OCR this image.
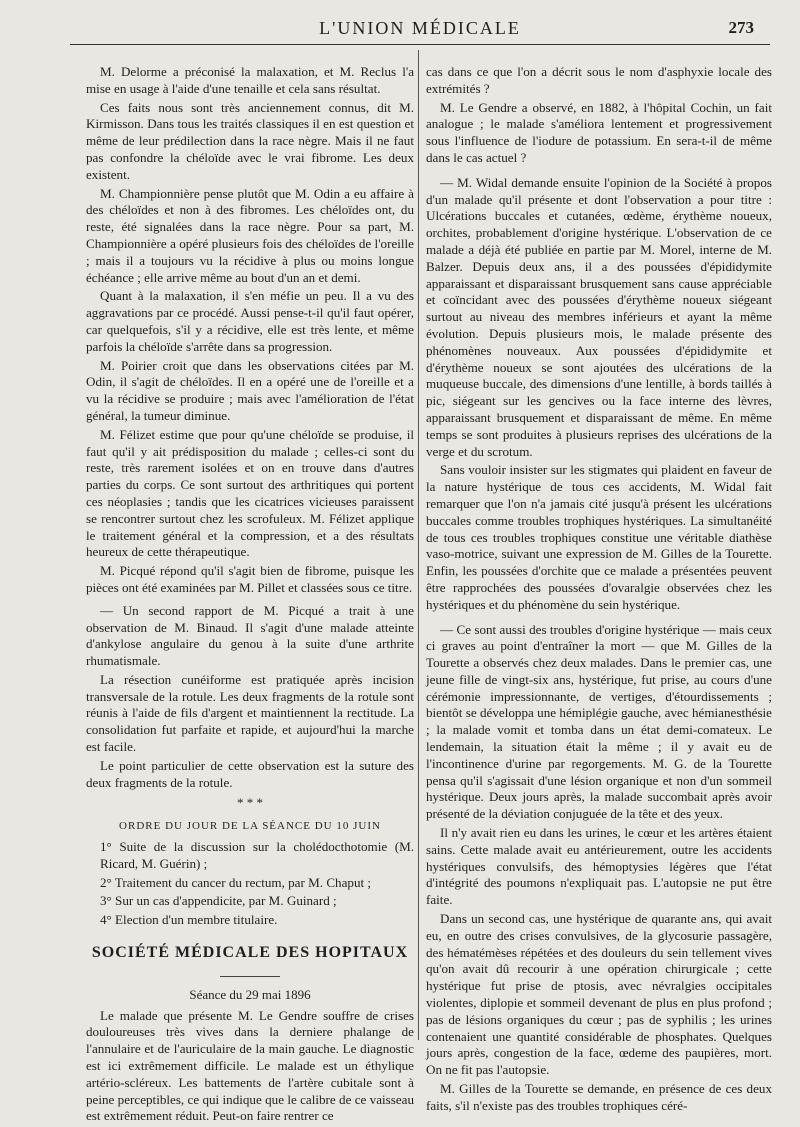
L'UNION MÉDICALE	273

M. Delorme a préconisé la malaxation, et M. Reclus l'a mise en usage à l'aide d'une tenaille et cela sans résultat.

Ces faits nous sont très anciennement connus, dit M. Kirmisson. Dans tous les traités classiques il en est question et même de leur prédilection dans la race nègre. Mais il ne faut pas confondre la chéloïde avec le vrai fibrome. Les deux existent.

M. Championnière pense plutôt que M. Odin a eu affaire à des chéloïdes et non à des fibromes. Les chéloïdes ont, du reste, été signalées dans la race nègre. Pour sa part, M. Championnière a opéré plusieurs fois des chéloïdes de l'oreille ; mais il a toujours vu la récidive à plus ou moins longue échéance ; elle arrive même au bout d'un an et demi.

Quant à la malaxation, il s'en méfie un peu. Il a vu des aggravations par ce procédé. Aussi pense-t-il qu'il faut opérer, car quelquefois, s'il y a récidive, elle est très lente, et même parfois la chéloïde s'arrête dans sa progression.

M. Poirier croit que dans les observations citées par M. Odin, il s'agit de chéloïdes. Il en a opéré une de l'oreille et a vu la récidive se produire ; mais avec l'amélioration de l'état général, la tumeur diminue.

M. Félizet estime que pour qu'une chéloïde se produise, il faut qu'il y ait prédisposition du malade ; celles-ci sont du reste, très rarement isolées et on en trouve dans d'autres parties du corps. Ce sont surtout des arthritiques qui portent ces néoplasies ; tandis que les cicatrices vicieuses paraissent se rencontrer surtout chez les scrofuleux. M. Félizet applique le traitement général et la compression, et a des résultats heureux de cette thérapeutique.

M. Picqué répond qu'il s'agit bien de fibrome, puisque les pièces ont été examinées par M. Pillet et classées sous ce titre.

— Un second rapport de M. Picqué a trait à une observation de M. Binaud. Il s'agit d'une malade atteinte d'ankylose angulaire du genou à la suite d'une arthrite rhumatismale.

La résection cunéiforme est pratiquée après incision transversale de la rotule. Les deux fragments de la rotule sont réunis à l'aide de fils d'argent et maintiennent la rectitude. La consolidation fut parfaite et rapide, et aujourd'hui la marche est facile.

Le point particulier de cette observation est la suture des deux fragments de la rotule.

* * *
ORDRE DU JOUR DE LA SÉANCE DU 10 JUIN

1° Suite de la discussion sur la cholédocthotomie (M. Ricard, M. Guérin) ;

2° Traitement du cancer du rectum, par M. Chaput ;

3° Sur un cas d'appendicite, par M. Guinard ;

4° Election d'un membre titulaire.

SOCIÉTÉ MÉDICALE DES HOPITAUX
Séance du 29 mai 1896

Le malade que présente M. Le Gendre souffre de crises douloureuses très vives dans la derniere phalange de l'annulaire et de l'auriculaire de la main gauche. Le diagnostic est ici extrêmement difficile. Le malade est un éthylique artério-scléreux. Les battements de l'artère cubitale sont à peine perceptibles, ce qui indique que le calibre de ce vaisseau est extrêmement réduit. Peut-on faire rentrer ce

cas dans ce que l'on a décrit sous le nom d'asphyxie locale des extrémités ?

M. Le Gendre a observé, en 1882, à l'hôpital Cochin, un fait analogue ; le malade s'améliora lentement et progressivement sous l'influence de l'iodure de potassium. En sera-t-il de même dans le cas actuel ?

— M. Widal demande ensuite l'opinion de la Société à propos d'un malade qu'il présente et dont l'observation a pour titre : Ulcérations buccales et cutanées, œdème, érythème noueux, orchites, probablement d'origine hystérique. L'observation de ce malade a déjà été publiée en partie par M. Morel, interne de M. Balzer. Depuis deux ans, il a des poussées d'épididymite apparaissant et disparaissant brusquement sans cause appréciable et coïncidant avec des poussées d'érythème noueux siégeant surtout au niveau des membres inférieurs et ayant la même évolution. Depuis plusieurs mois, le malade présente des phénomènes nouveaux. Aux poussées d'épididymite et d'érythème noueux se sont ajoutées des ulcérations de la muqueuse buccale, des dimensions d'une lentille, à bords taillés à pic, siégeant sur les gencives ou la face interne des lèvres, apparaissant brusquement et disparaissant de même. En même temps se sont produites à plusieurs reprises des ulcérations de la verge et du scrotum.

Sans vouloir insister sur les stigmates qui plaident en faveur de la nature hystérique de tous ces accidents, M. Widal fait remarquer que l'on n'a jamais cité jusqu'à présent les ulcérations buccales comme troubles trophiques hystériques. La simultanéité de tous ces troubles trophiques constitue une véritable diathèse vaso-motrice, suivant une expression de M. Gilles de la Tourette. Enfin, les poussées d'orchite que ce malade a présentées peuvent être rapprochées des poussées d'ovaralgie observées chez les hystériques et du phénomène du sein hystérique.

— Ce sont aussi des troubles d'origine hystérique — mais ceux ci graves au point d'entraîner la mort — que M. Gilles de la Tourette a observés chez deux malades. Dans le premier cas, une jeune fille de vingt-six ans, hystérique, fut prise, au cours d'une cérémonie impressionnante, de vertiges, d'étourdissements ; bientôt se développa une hémiplégie gauche, avec hémianesthésie ; la malade vomit et tomba dans un état demi-comateux. Le lendemain, la situation était la même ; il y avait eu de l'incontinence d'urine par regorgements. M. G. de la Tourette pensa qu'il s'agissait d'une lésion organique et non d'un sommeil hystérique. Deux jours après, la malade succombait après avoir présenté de la déviation conjuguée de la tête et des yeux.

Il n'y avait rien eu dans les urines, le cœur et les artères étaient sains. Cette malade avait eu antérieurement, outre les accidents hystériques convulsifs, des hémoptysies légères que l'état d'intégrité des poumons n'expliquait pas. L'autopsie ne put être faite.

Dans un second cas, une hystérique de quarante ans, qui avait eu, en outre des crises convulsives, de la glycosurie passagère, des hématémèses répétées et des douleurs du sein tellement vives qu'on avait dû recourir à une opération chirurgicale ; cette hystérique fut prise de ptosis, avec névralgies occipitales violentes, diplopie et sommeil devenant de plus en plus profond ; pas de lésions organiques du cœur ; pas de syphilis ; les urines contenaient une quantité considérable de phosphates. Quelques jours après, congestion de la face, œdeme des paupières, mort. On ne fit pas l'autopsie.

M. Gilles de la Tourette se demande, en présence de ces deux faits, s'il n'existe pas des troubles trophiques céré-
